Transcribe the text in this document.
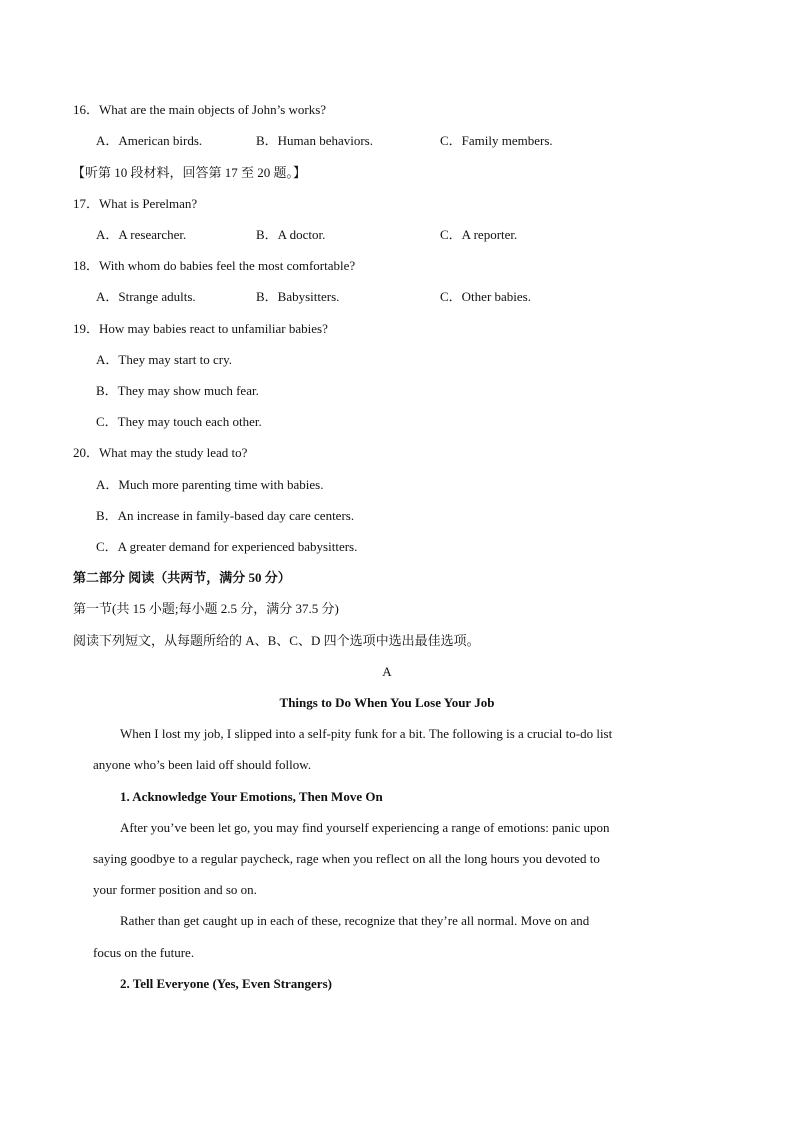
16．What are the main objects of John’s works?
A．American birds.	B．Human behaviors.	C．Family members.
【听第 10 段材料，回答第 17 至 20 题。】
17．What is Perelman?
A．A researcher.	B．A doctor.	C．A reporter.
18．With whom do babies feel the most comfortable?
A．Strange adults.	B．Babysitters.	C．Other babies.
19．How may babies react to unfamiliar babies?
A．They may start to cry.
B．They may show much fear.
C．They may touch each other.
20．What may the study lead to?
A．Much more parenting time with babies.
B．An increase in family-based day care centers.
C．A greater demand for experienced babysitters.
第二部分 阅读（共两节，满分 50 分）
第一节(共 15 小题;每小题 2.5 分，满分 37.5 分)
阅读下列短文，从每题所给的 A、B、C、D 四个选项中选出最佳选项。
A
Things to Do When You Lose Your Job
When I lost my job, I slipped into a self-pity funk for a bit. The following is a crucial to-do list
anyone who’s been laid off should follow.
1. Acknowledge Your Emotions, Then Move On
After you’ve been let go, you may find yourself experiencing a range of emotions: panic upon
saying goodbye to a regular paycheck, rage when you reflect on all the long hours you devoted to
your former position and so on.
Rather than get caught up in each of these, recognize that they’re all normal. Move on and
focus on the future.
2. Tell Everyone (Yes, Even Strangers)
